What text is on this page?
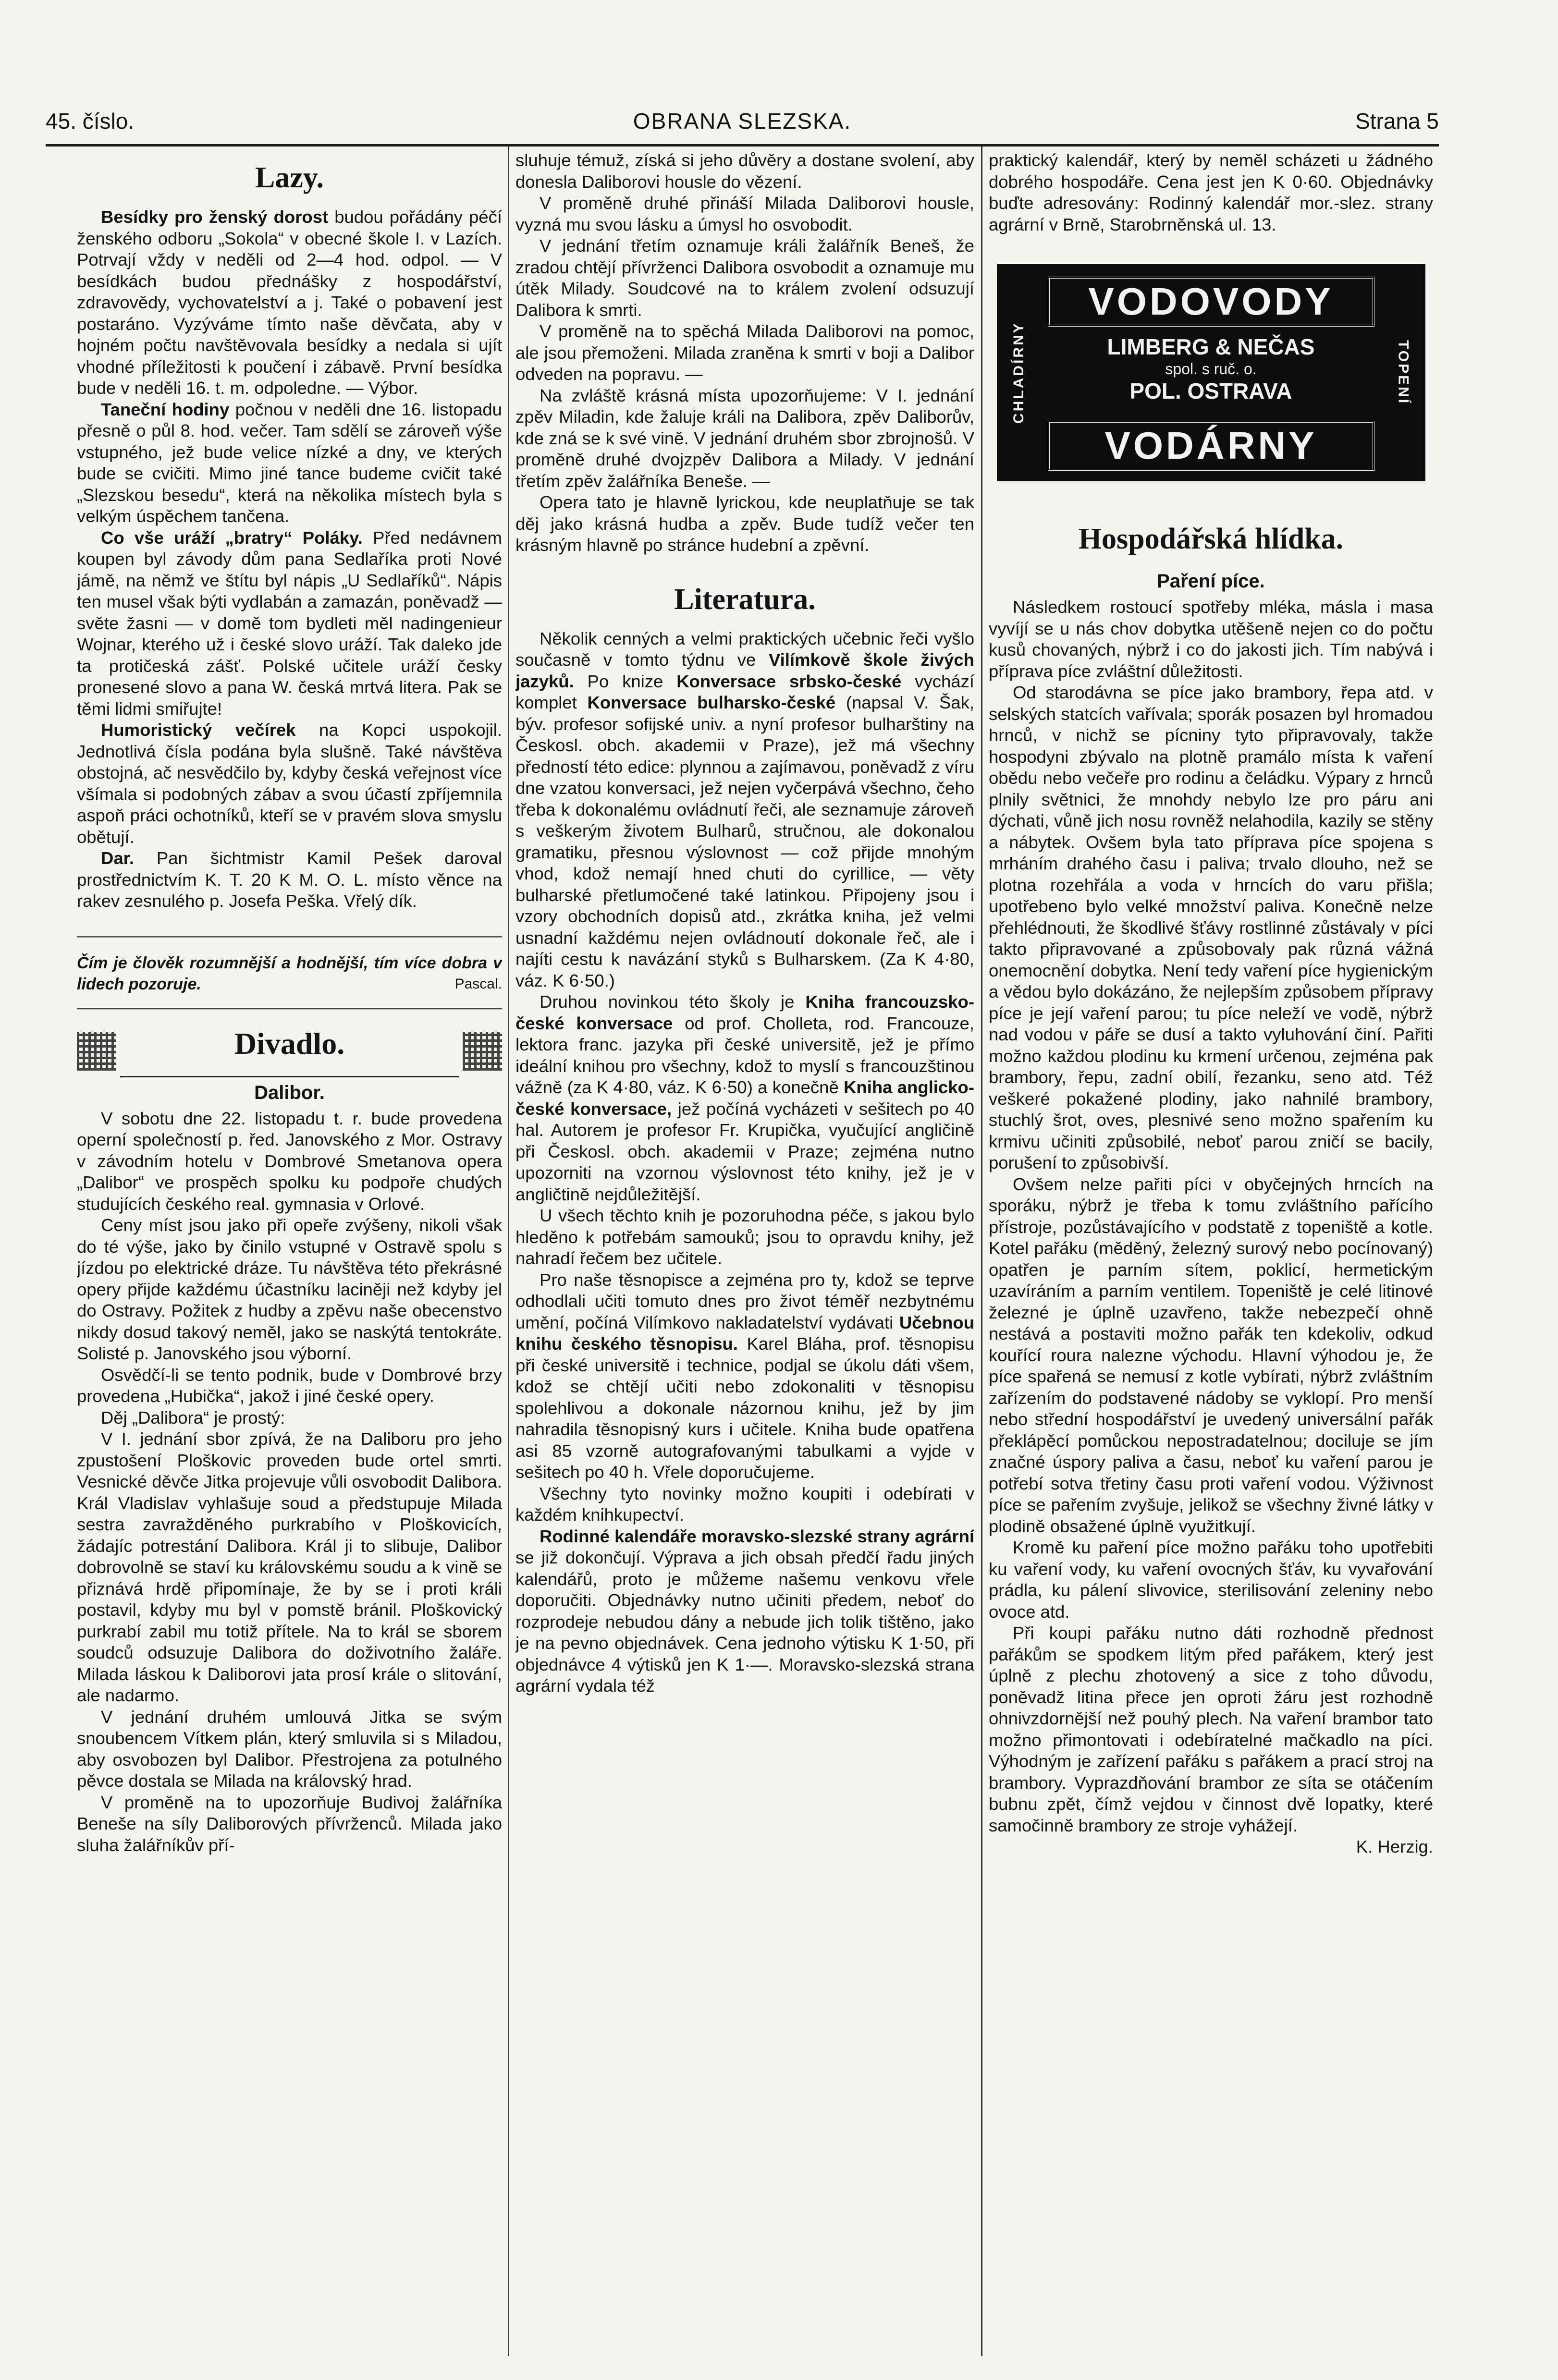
45. číslo.	OBRANA SLEZSKA.	Strana 5
Lazy.

Besídky pro ženský dorost budou pořádány péčí ženského odboru „Sokola“ v obecné škole I. v Lazích. Potrvají vždy v neděli od 2—4 hod. odpol. — V besídkách budou přednášky z hospodářství, zdravovědy, vychovatelství a j. Také o pobavení jest postaráno. Vyzýváme tímto naše děvčata, aby v hojném počtu navštěvovala besídky a nedala si ujít vhodné příležitosti k poučení i zábavě. První besídka bude v neděli 16. t. m. odpoledne. — Výbor.

Taneční hodiny počnou v neděli dne 16. listopadu přesně o půl 8. hod. večer. Tam sdělí se zároveň výše vstupného, jež bude velice nízké a dny, ve kterých bude se cvičiti. Mimo jiné tance budeme cvičit také „Slezskou besedu“, která na několika místech byla s velkým úspěchem tančena.

Co vše uráží „bratry“ Poláky. Před nedávnem koupen byl závody dům pana Sedlaříka proti Nové jámě, na němž ve štítu byl nápis „U Sedlaříků“. Nápis ten musel však býti vydlabán a zamazán, poněvadž — světe žasni — v domě tom bydleti měl nadingenieur Wojnar, kterého už i české slovo uráží. Tak daleko jde ta protičeská zášť. Polské učitele uráží česky pronesené slovo a pana W. česká mrtvá litera. Pak se těmi lidmi smiřujte!

Humoristický večírek na Kopci uspokojil. Jednotlivá čísla podána byla slušně. Také návštěva obstojná, ač nesvědčilo by, kdyby česká veřejnost více všímala si podobných zábav a svou účastí zpříjemnila aspoň práci ochotníků, kteří se v pravém slova smyslu obětují.

Dar. Pan šichtmistr Kamil Pešek daroval prostřednictvím K. T. 20 K M. O. L. místo věnce na rakev zesnulého p. Josefa Peška. Vřelý dík.

Čím je člověk rozumnější a hodnější, tím více dobra v lidech pozoruje.	Pascal.
Divadlo.
Dalibor.

V sobotu dne 22. listopadu t. r. bude provedena operní společností p. řed. Janovského z Mor. Ostravy v závodním hotelu v Dombrové Smetanova opera „Dalibor“ ve prospěch spolku ku podpoře chudých studujících českého real. gymnasia v Orlové.

Ceny míst jsou jako při opeře zvýšeny, nikoli však do té výše, jako by činilo vstupné v Ostravě spolu s jízdou po elektrické dráze. Tu návštěva této překrásné opery přijde každému účastníku laciněji než kdyby jel do Ostravy. Požitek z hudby a zpěvu naše obecenstvo nikdy dosud takový neměl, jako se naskýtá tentokráte. Solisté p. Janovského jsou výborní.

Osvědčí-li se tento podnik, bude v Dombrové brzy provedena „Hubička“, jakož i jiné české opery.

Děj „Dalibora“ je prostý:

V I. jednání sbor zpívá, že na Daliboru pro jeho zpustošení Ploškovic proveden bude ortel smrti. Vesnické děvče Jitka projevuje vůli osvobodit Dalibora. Král Vladislav vyhlašuje soud a předstupuje Milada sestra zavražděného purkrabího v Ploškovicích, žádajíc potrestání Dalibora. Král ji to slibuje, Dalibor dobrovolně se staví ku královskému soudu a k vině se přiznává hrdě připomínaje, že by se i proti králi postavil, kdyby mu byl v pomstě bránil. Ploškovický purkrabí zabil mu totiž přítele. Na to král se sborem soudců odsuzuje Dalibora do doživotního žaláře. Milada láskou k Daliborovi jata prosí krále o slitování, ale nadarmo.

V jednání druhém umlouvá Jitka se svým snoubencem Vítkem plán, který smluvila si s Miladou, aby osvobozen byl Dalibor. Přestrojena za potulného pěvce dostala se Milada na královský hrad.

V proměně na to upozorňuje Budivoj žalářníka Beneše na síly Daliborových přívrženců. Milada jako sluha žalářníkův pří-

sluhuje témuž, získá si jeho důvěry a dostane svolení, aby donesla Daliborovi housle do vězení.

V proměně druhé přináší Milada Daliborovi housle, vyzná mu svou lásku a úmysl ho osvobodit.

V jednání třetím oznamuje králi žalářník Beneš, že zradou chtějí přívrženci Dalibora osvobodit a oznamuje mu útěk Milady. Soudcové na to králem zvolení odsuzují Dalibora k smrti.

V proměně na to spěchá Milada Daliborovi na pomoc, ale jsou přemoženi. Milada zraněna k smrti v boji a Dalibor odveden na popravu. —

Na zvláště krásná místa upozorňujeme: V I. jednání zpěv Miladin, kde žaluje králi na Dalibora, zpěv Daliborův, kde zná se k své vině. V jednání druhém sbor zbrojnošů. V proměně druhé dvojzpěv Dalibora a Milady. V jednání třetím zpěv žalářníka Beneše. —

Opera tato je hlavně lyrickou, kde neuplatňuje se tak děj jako krásná hudba a zpěv. Bude tudíž večer ten krásným hlavně po stránce hudební a zpěvní.

Literatura.

Několik cenných a velmi praktických učebnic řeči vyšlo současně v tomto týdnu ve Vilímkově škole živých jazyků. Po knize Konversace srbsko-české vychází komplet Konversace bulharsko-české (napsal V. Šak, býv. profesor sofijské univ. a nyní profesor bulharštiny na Českosl. obch. akademii v Praze), jež má všechny předností této edice: plynnou a zajímavou, poněvadž z víru dne vzatou konversaci, jež nejen vyčerpává všechno, čeho třeba k dokonalému ovládnutí řeči, ale seznamuje zároveň s veškerým životem Bulharů, stručnou, ale dokonalou gramatiku, přesnou výslovnost — což přijde mnohým vhod, kdož nemají hned chuti do cyrillice, — věty bulharské přetlumočené také latinkou. Připojeny jsou i vzory obchodních dopisů atd., zkrátka kniha, jež velmi usnadní každému nejen ovládnoutí dokonale řeč, ale i najíti cestu k navázání styků s Bulharskem. (Za K 4·80, váz. K 6·50.)

Druhou novinkou této školy je Kniha francouzsko-české konversace od prof. Cholleta, rod. Francouze, lektora franc. jazyka při české universitě, jež je přímo ideální knihou pro všechny, kdož to myslí s francouzštinou vážně (za K 4·80, váz. K 6·50) a konečně Kniha anglicko-české konversace, jež počíná vycházeti v sešitech po 40 hal. Autorem je profesor Fr. Krupička, vyučující angličině při Českosl. obch. akademii v Praze; zejména nutno upozorniti na vzornou výslovnost této knihy, jež je v angličtině nejdůležitější.

U všech těchto knih je pozoruhodna péče, s jakou bylo hleděno k potřebám samouků; jsou to opravdu knihy, jež nahradí řečem bez učitele.

Pro naše těsnopisce a zejména pro ty, kdož se teprve odhodlali učiti tomuto dnes pro život téměř nezbytnému umění, počíná Vilímkovo nakladatelství vydávati Učebnou knihu českého těsnopisu. Karel Bláha, prof. těsnopisu při české universitě i technice, podjal se úkolu dáti všem, kdož se chtějí učiti nebo zdokonaliti v těsnopisu spolehlivou a dokonale názornou knihu, jež by jim nahradila těsnopisný kurs i učitele. Kniha bude opatřena asi 85 vzorně autografovanými tabulkami a vyjde v sešitech po 40 h. Vřele doporučujeme.

Všechny tyto novinky možno koupiti i odebírati v každém knihkupectví.

Rodinné kalendáře moravsko-slezské strany agrární se již dokončují. Výprava a jich obsah předčí řadu jiných kalendářů, proto je můžeme našemu venkovu vřele doporučiti. Objednávky nutno učiniti předem, neboť do rozprodeje nebudou dány a nebude jich tolik tištěno, jako je na pevno objednávek. Cena jednoho výtisku K 1·50, při objednávce 4 výtisků jen K 1·—. Moravsko-slezská strana agrární vydala též

praktický kalendář, který by neměl scházeti u žádného dobrého hospodáře. Cena jest jen K 0·60. Objednávky buďte adresovány: Rodinný kalendář mor.-slez. strany agrární v Brně, Starobrněnská ul. 13.

CHLADÍRNY	TOPENÍ
VODOVODY
LIMBERG & NEČAS
spol. s ruč. o.
POL. OSTRAVA
VODÁRNY
Hospodářská hlídka.
Paření píce.

Následkem rostoucí spotřeby mléka, másla i masa vyvíjí se u nás chov dobytka utěšeně nejen co do počtu kusů chovaných, nýbrž i co do jakosti jich. Tím nabývá i příprava píce zvláštní důležitosti.

Od starodávna se píce jako brambory, řepa atd. v selských statcích vařívala; sporák posazen byl hromadou hrnců, v nichž se pícniny tyto připravovaly, takže hospodyni zbývalo na plotně pramálo místa k vaření obědu nebo večeře pro rodinu a čeládku. Výpary z hrnců plnily světnici, že mnohdy nebylo lze pro páru ani dýchati, vůně jich nosu rovněž nelahodila, kazily se stěny a nábytek. Ovšem byla tato příprava píce spojena s mrháním drahého času i paliva; trvalo dlouho, než se plotna rozehřála a voda v hrncích do varu přišla; upotřebeno bylo velké množství paliva. Konečně nelze přehlédnouti, že škodlivé šťávy rostlinné zůstávaly v píci takto připravované a způsobovaly pak různá vážná onemocnění dobytka. Není tedy vaření píce hygienickým a vědou bylo dokázáno, že nejlepším způsobem přípravy píce je její vaření parou; tu píce neleží ve vodě, nýbrž nad vodou v páře se dusí a takto vyluhování činí. Pařiti možno každou plodinu ku krmení určenou, zejména pak brambory, řepu, zadní obilí, řezanku, seno atd. Též veškeré pokažené plodiny, jako nahnilé brambory, stuchlý šrot, oves, plesnivé seno možno spařením ku krmivu učiniti způsobilé, neboť parou zničí se bacily, porušení to způsobivší.

Ovšem nelze pařiti píci v obyčejných hrncích na sporáku, nýbrž je třeba k tomu zvláštního pařícího přístroje, pozůstávajícího v podstatě z topeniště a kotle. Kotel pařáku (měděný, železný surový nebo pocínovaný) opatřen je parním sítem, poklicí, hermetickým uzavíráním a parním ventilem. Topeniště je celé litinové železné je úplně uzavřeno, takže nebezpečí ohně nestává a postaviti možno pařák ten kdekoliv, odkud kouřící roura nalezne východu. Hlavní výhodou je, že píce spařená se nemusí z kotle vybírati, nýbrž zvláštním zařízením do podstavené nádoby se vyklopí. Pro menší nebo střední hospodářství je uvedený universální pařák překlápěcí pomůckou nepostradatelnou; dociluje se jím značné úspory paliva a času, neboť ku vaření parou je potřebí sotva třetiny času proti vaření vodou. Výživnost píce se pařením zvyšuje, jelikož se všechny živné látky v plodině obsažené úplně využitkují.

Kromě ku paření píce možno pařáku toho upotřebiti ku vaření vody, ku vaření ovocných šťáv, ku vyvařování prádla, ku pálení slivovice, sterilisování zeleniny nebo ovoce atd.

Při koupi pařáku nutno dáti rozhodně přednost pařákům se spodkem litým před pařákem, který jest úplně z plechu zhotovený a sice z toho důvodu, poněvadž litina přece jen oproti žáru jest rozhodně ohnivzdornější než pouhý plech. Na vaření brambor tato možno přimontovati i odebíratelné mačkadlo na píci. Výhodným je zařízení pařáku s pařákem a prací stroj na brambory. Vyprazdňování brambor ze síta se otáčením bubnu zpět, čímž vejdou v činnost dvě lopatky, které samočinně brambory ze stroje vyhážejí.

K. Herzig.
